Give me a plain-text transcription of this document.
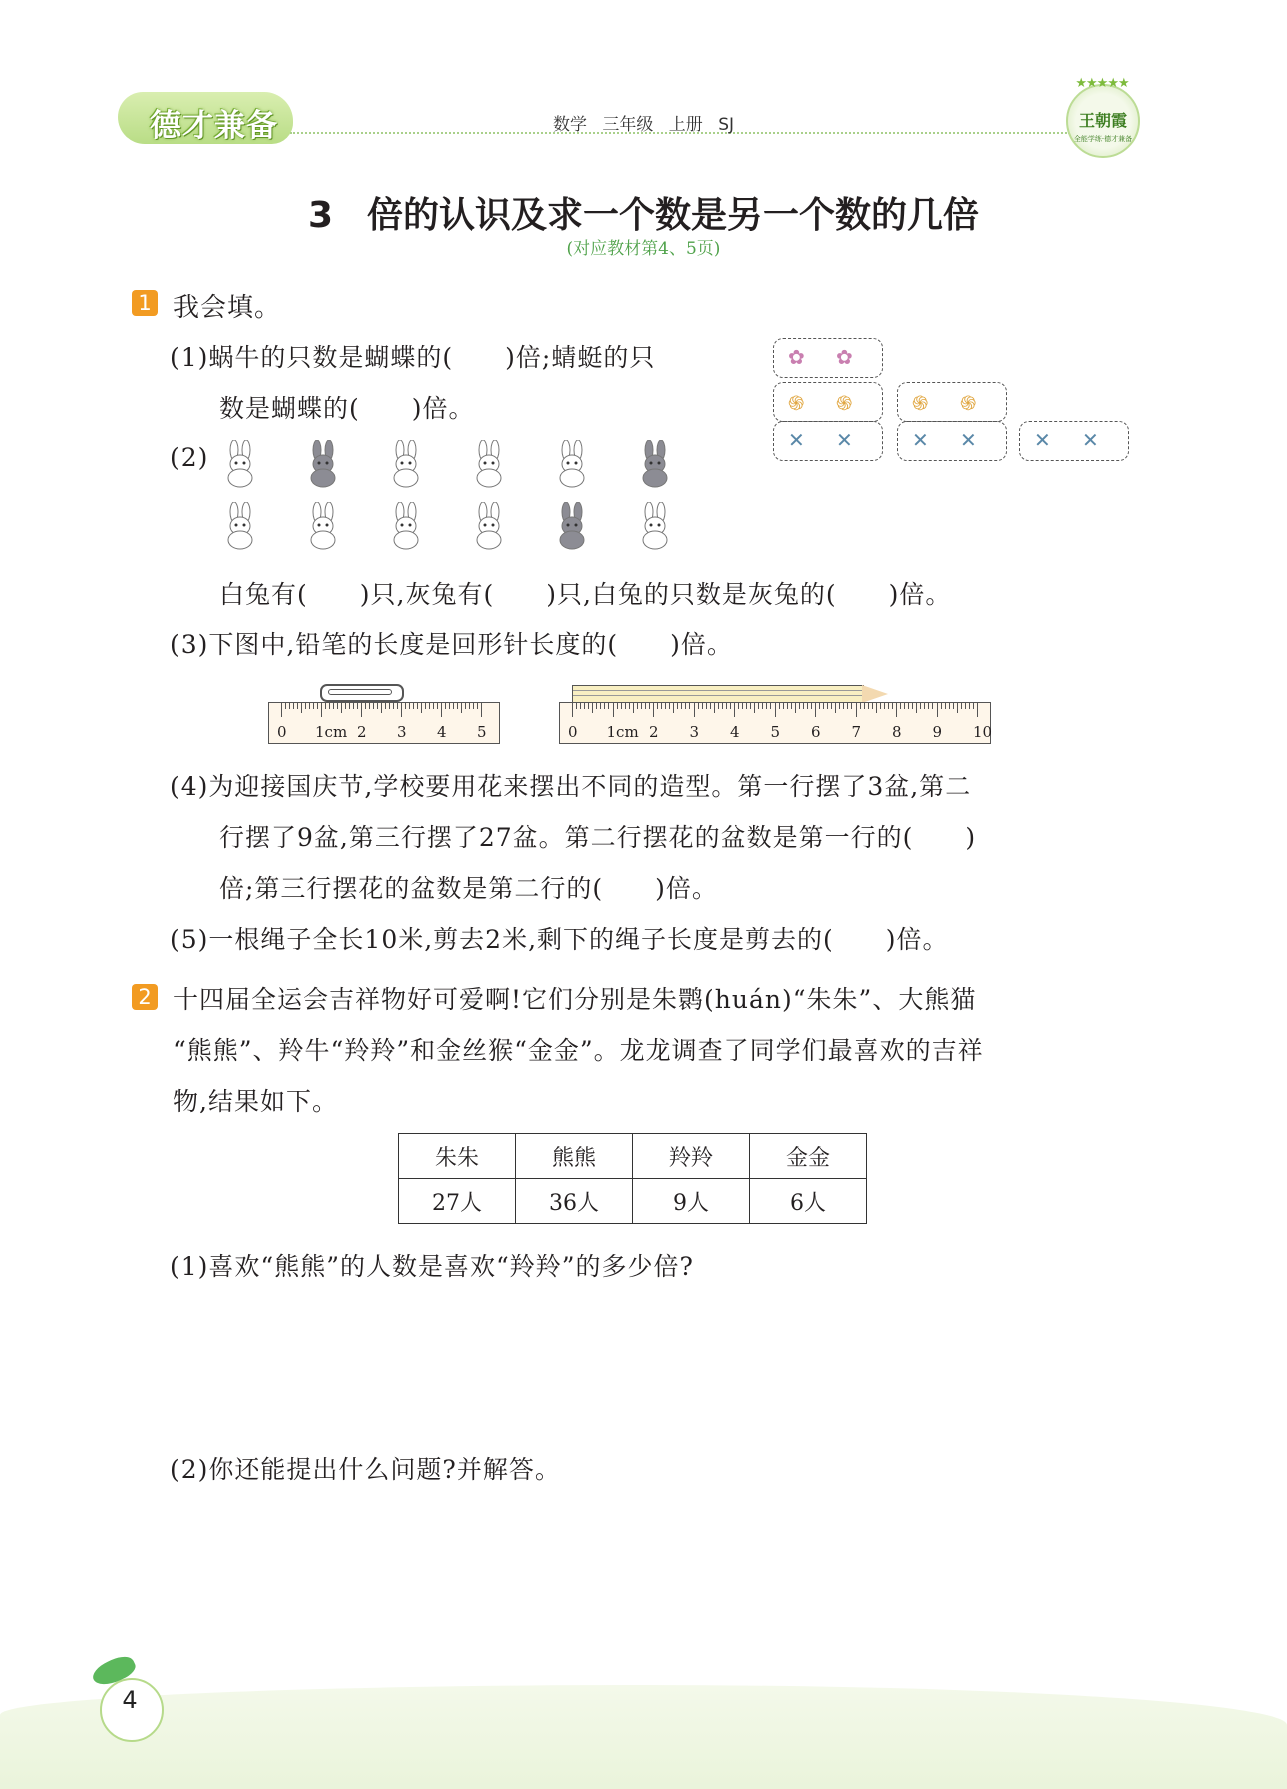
德才兼备	数学 三年级 上册 SJ
★★★★★
王朝霞
全能学练·德才兼备
3 倍的认识及求一个数是另一个数的几倍
(对应教材第4、5页)
1 我会填。
(1)蜗牛的只数是蝴蝶的(　　)倍;蜻蜓的只
数是蝴蝶的(　　)倍。
✿ ✿
֍ ֍	֍ ֍
✕ ✕	✕ ✕	✕ ✕
(2)
白兔有(　　)只,灰兔有(　　)只,白兔的只数是灰兔的(　　)倍。
(3)下图中,铅笔的长度是回形针长度的(　　)倍。
0 1cm 2 3 4 5	0 1cm 2 3 4 5 6 7 8 9 10
(4)为迎接国庆节,学校要用花来摆出不同的造型。第一行摆了3盆,第二
行摆了9盆,第三行摆了27盆。第二行摆花的盆数是第一行的(　　)
倍;第三行摆花的盆数是第二行的(　　)倍。
(5)一根绳子全长10米,剪去2米,剩下的绳子长度是剪去的(　　)倍。
2 十四届全运会吉祥物好可爱啊!它们分别是朱鹮(huán)“朱朱”、大熊猫
“熊熊”、羚牛“羚羚”和金丝猴“金金”。龙龙调查了同学们最喜欢的吉祥
物,结果如下。
朱朱	熊熊	羚羚	金金
27人	36人	9人	6人
(1)喜欢“熊熊”的人数是喜欢“羚羚”的多少倍?
(2)你还能提出什么问题?并解答。
4
